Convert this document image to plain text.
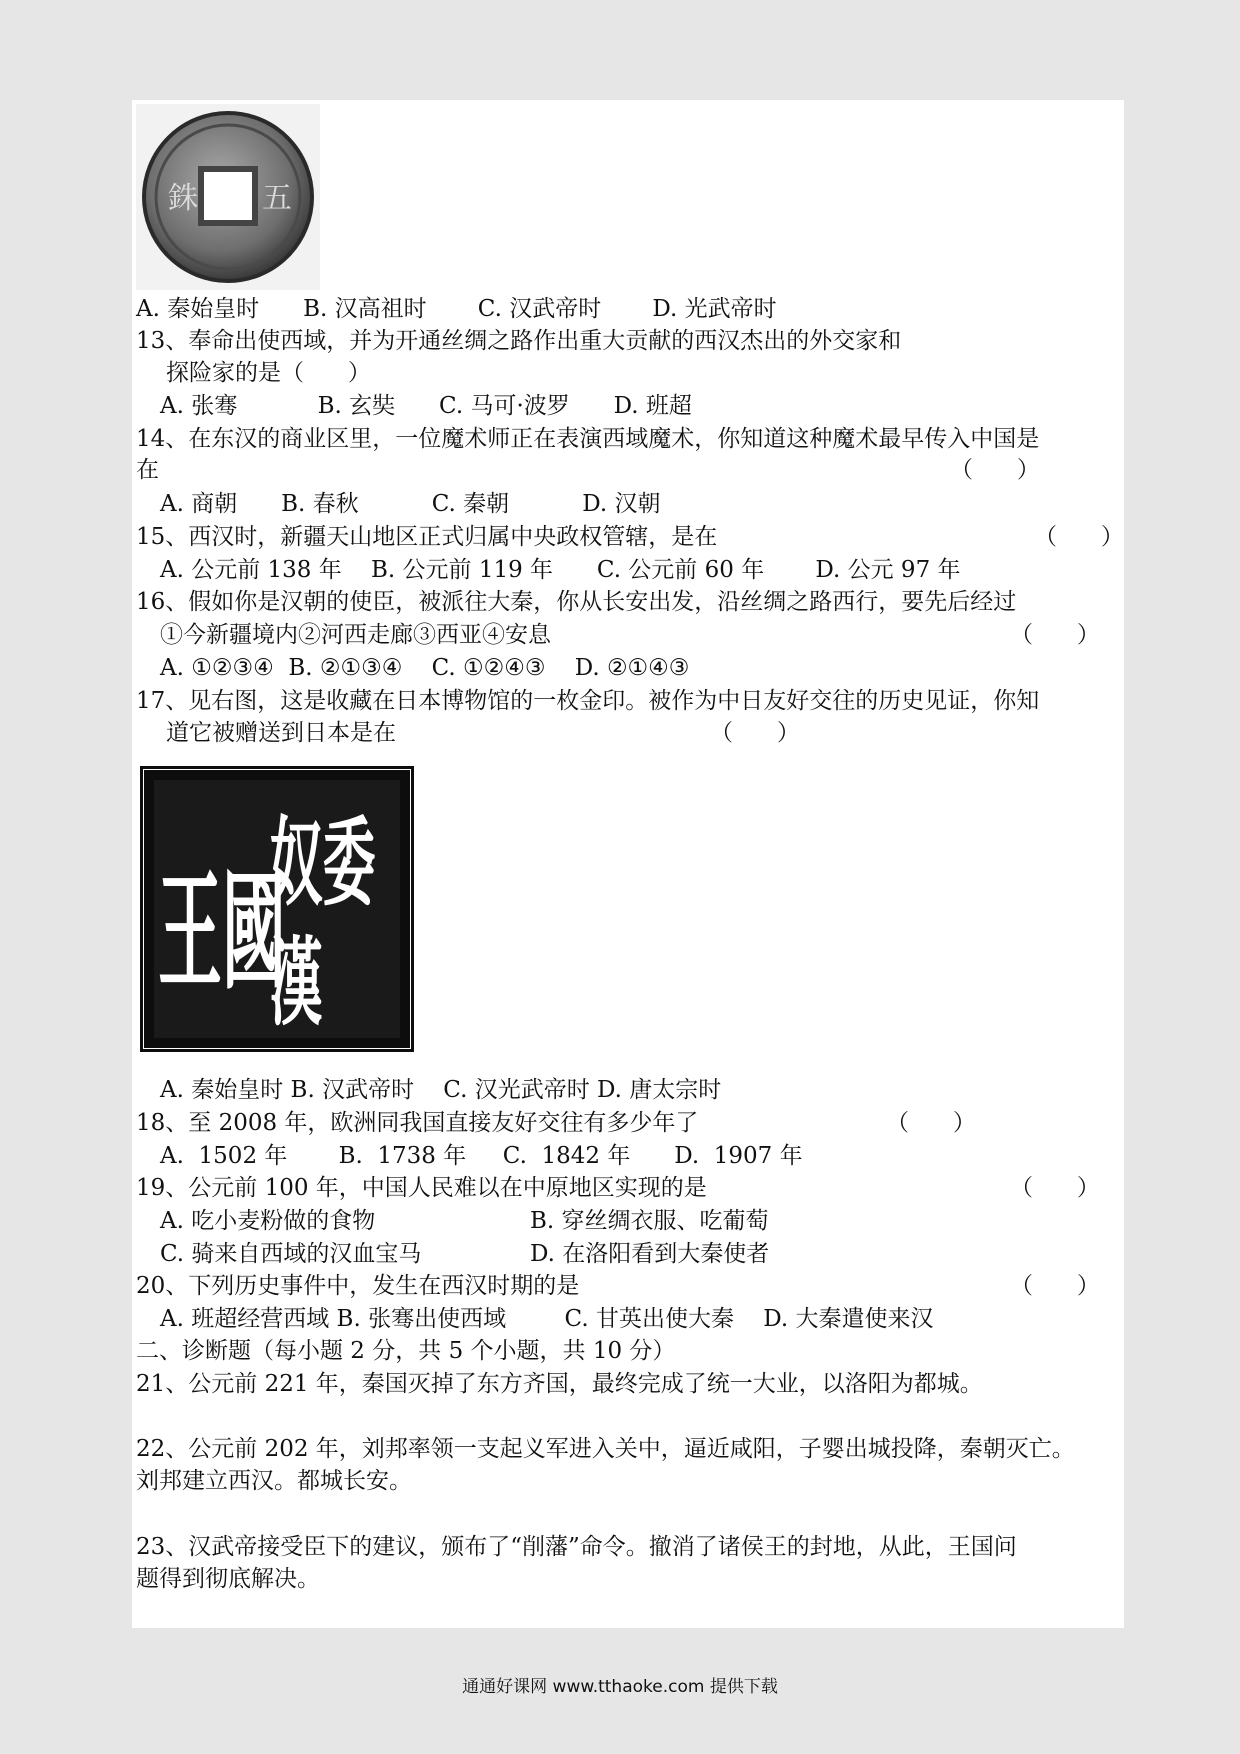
銖 五
A. 秦始皇时      B. 汉高祖时       C. 汉武帝时       D. 光武帝时
13、奉命出使西域，并为开通丝绸之路作出重大贡献的西汉杰出的外交家和
探险家的是（      ）
A. 张骞           B. 玄奘      C. 马可·波罗      D. 班超
14、在东汉的商业区里，一位魔术师正在表演西域魔术，你知道这种魔术最早传入中国是
在	（      ）
A. 商朝      B. 春秋          C. 秦朝          D. 汉朝
15、西汉时，新疆天山地区正式归属中央政权管辖，是在	（      ）
A. 公元前 138 年    B. 公元前 119 年      C. 公元前 60 年       D. 公元 97 年
16、假如你是汉朝的使臣，被派往大秦，你从长安出发，沿丝绸之路西行，要先后经过
①今新疆境内②河西走廊③西亚④安息	（      ）
A. ①②③④  B. ②①③④    C. ①②④③    D. ②①④③
17、见右图，这是收藏在日本博物馆的一枚金印。被作为中日友好交往的历史见证，你知
道它被赠送到日本是在	（      ）
王國
奴委
漢
A. 秦始皇时 B. 汉武帝时    C. 汉光武帝时 D. 唐太宗时
18、至 2008 年，欧洲同我国直接友好交往有多少年了	（      ）
A.  1502 年       B.  1738 年     C.  1842 年      D.  1907 年
19、公元前 100 年，中国人民难以在中原地区实现的是	（      ）
A. 吃小麦粉做的食物	B. 穿丝绸衣服、吃葡萄
C. 骑来自西域的汉血宝马	D. 在洛阳看到大秦使者
20、下列历史事件中，发生在西汉时期的是	（      ）
A. 班超经营西域 B. 张骞出使西域        C. 甘英出使大秦    D. 大秦遣使来汉
二、诊断题（每小题 2 分，共 5 个小题，共 10 分）
21、公元前 221 年，秦国灭掉了东方齐国，最终完成了统一大业，以洛阳为都城。
22、公元前 202 年，刘邦率领一支起义军进入关中，逼近咸阳，子婴出城投降，秦朝灭亡。
刘邦建立西汉。都城长安。
23、汉武帝接受臣下的建议，颁布了“削藩”命令。撤消了诸侯王的封地，从此，王国问
题得到彻底解决。
通通好课网 www.tthaoke.com 提供下载
